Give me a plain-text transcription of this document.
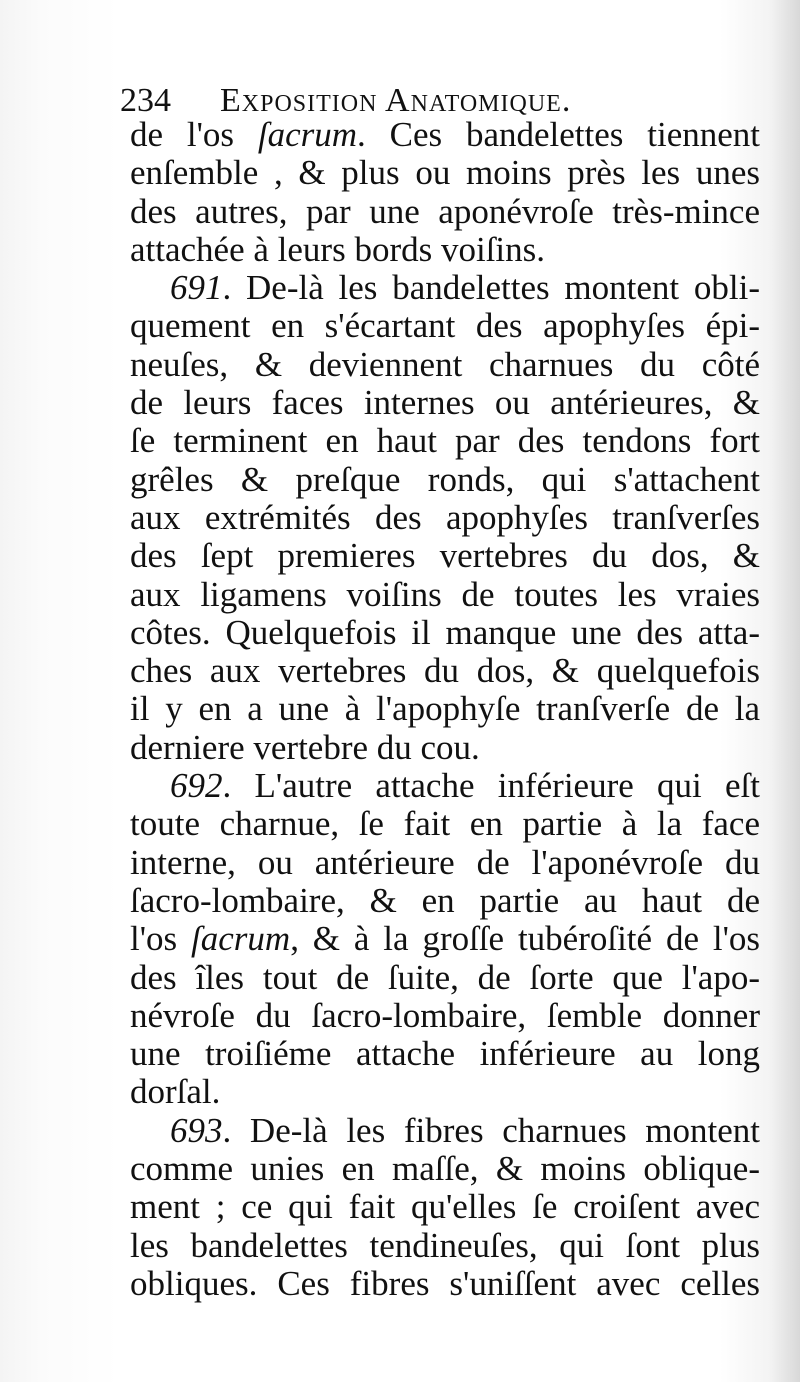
234 Exposition Anatomique.
de l'os ſacrum. Ces bandelettes tiennent
enſemble , & plus ou moins près les unes
des autres, par une aponévroſe très-mince
attachée à leurs bords voiſins.
691. De-là les bandelettes montent obli-
quement en s'écartant des apophyſes épi-
neuſes, & deviennent charnues du côté
de leurs faces internes ou antérieures, &
ſe terminent en haut par des tendons fort
grêles & preſque ronds, qui s'attachent
aux extrémités des apophyſes tranſverſes
des ſept premieres vertebres du dos, &
aux ligamens voiſins de toutes les vraies
côtes. Quelquefois il manque une des atta-
ches aux vertebres du dos, & quelquefois
il y en a une à l'apophyſe tranſverſe de la
derniere vertebre du cou.
692. L'autre attache inférieure qui eſt
toute charnue, ſe fait en partie à la face
interne, ou antérieure de l'aponévroſe du
ſacro-lombaire, & en partie au haut de
l'os ſacrum, & à la groſſe tubéroſité de l'os
des îles tout de ſuite, de ſorte que l'apo-
névroſe du ſacro-lombaire, ſemble donner
une troiſiéme attache inférieure au long
dorſal.
693. De-là les fibres charnues montent
comme unies en maſſe, & moins oblique-
ment ; ce qui fait qu'elles ſe croiſent avec
les bandelettes tendineuſes, qui ſont plus
obliques. Ces fibres s'uniſſent avec celles
